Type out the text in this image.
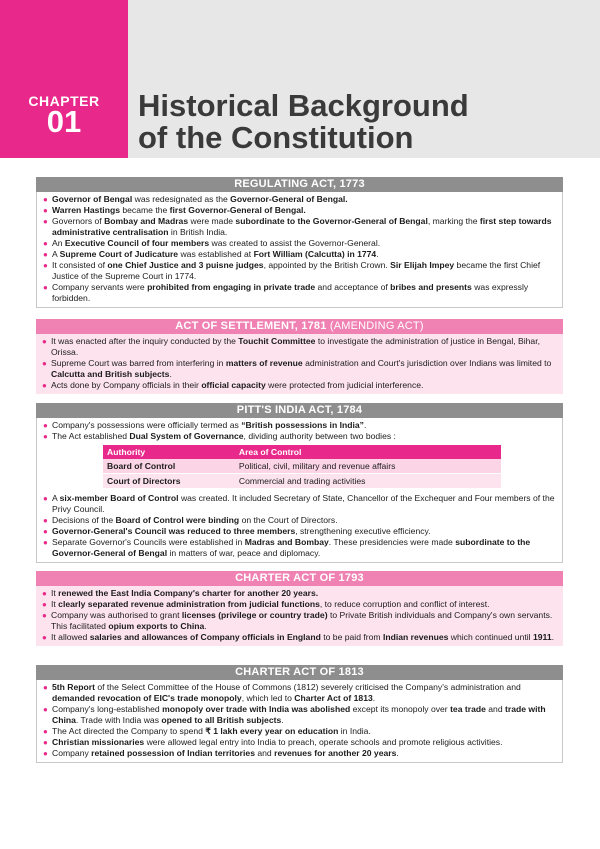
CHAPTER
01	Historical Background
of the Constitution
REGULATING ACT, 1773
● Governor of Bengal was redesignated as the Governor-General of Bengal.
● Warren Hastings became the first Governor-General of Bengal.
● Governors of Bombay and Madras were made subordinate to the Governor-General of Bengal, marking the first step towards administrative centralisation in British India.
● An Executive Council of four members was created to assist the Governor-General.
● A Supreme Court of Judicature was established at Fort William (Calcutta) in 1774.
● It consisted of one Chief Justice and 3 puisne judges, appointed by the British Crown. Sir Elijah Impey became the first Chief Justice of the Supreme Court in 1774.
● Company servants were prohibited from engaging in private trade and acceptance of bribes and presents was expressly forbidden.
ACT OF SETTLEMENT, 1781 (AMENDING ACT)
● It was enacted after the inquiry conducted by the Touchit Committee to investigate the administration of justice in Bengal, Bihar, Orissa.
● Supreme Court was barred from interfering in matters of revenue administration and Court's jurisdiction over Indians was limited to Calcutta and British subjects.
● Acts done by Company officials in their official capacity were protected from judicial interference.
PITT'S INDIA ACT, 1784
● Company's possessions were officially termed as “British possessions in India”.
● The Act established Dual System of Governance, dividing authority between two bodies :
Authority	Area of Control
Board of Control	Political, civil, military and revenue affairs
Court of Directors	Commercial and trading activities
● A six-member Board of Control was created. It included Secretary of State, Chancellor of the Exchequer and Four members of the Privy Council.
● Decisions of the Board of Control were binding on the Court of Directors.
● Governor-General's Council was reduced to three members, strengthening executive efficiency.
● Separate Governor's Councils were established in Madras and Bombay. These presidencies were made subordinate to the Governor-General of Bengal in matters of war, peace and diplomacy.
CHARTER ACT OF 1793
● It renewed the East India Company's charter for another 20 years.
● It clearly separated revenue administration from judicial functions, to reduce corruption and conflict of interest.
● Company was authorised to grant licenses (privilege or country trade) to Private British individuals and Company's own servants. This facilitated opium exports to China.
● It allowed salaries and allowances of Company officials in England to be paid from Indian revenues which continued until 1911.
CHARTER ACT OF 1813
● 5th Report of the Select Committee of the House of Commons (1812) severely criticised the Company's administration and demanded revocation of EIC's trade monopoly, which led to Charter Act of 1813.
● Company's long-established monopoly over trade with India was abolished except its monopoly over tea trade and trade with China. Trade with India was opened to all British subjects.
● The Act directed the Company to spend ₹ 1 lakh every year on education in India.
● Christian missionaries were allowed legal entry into India to preach, operate schools and promote religious activities.
● Company retained possession of Indian territories and revenues for another 20 years.
